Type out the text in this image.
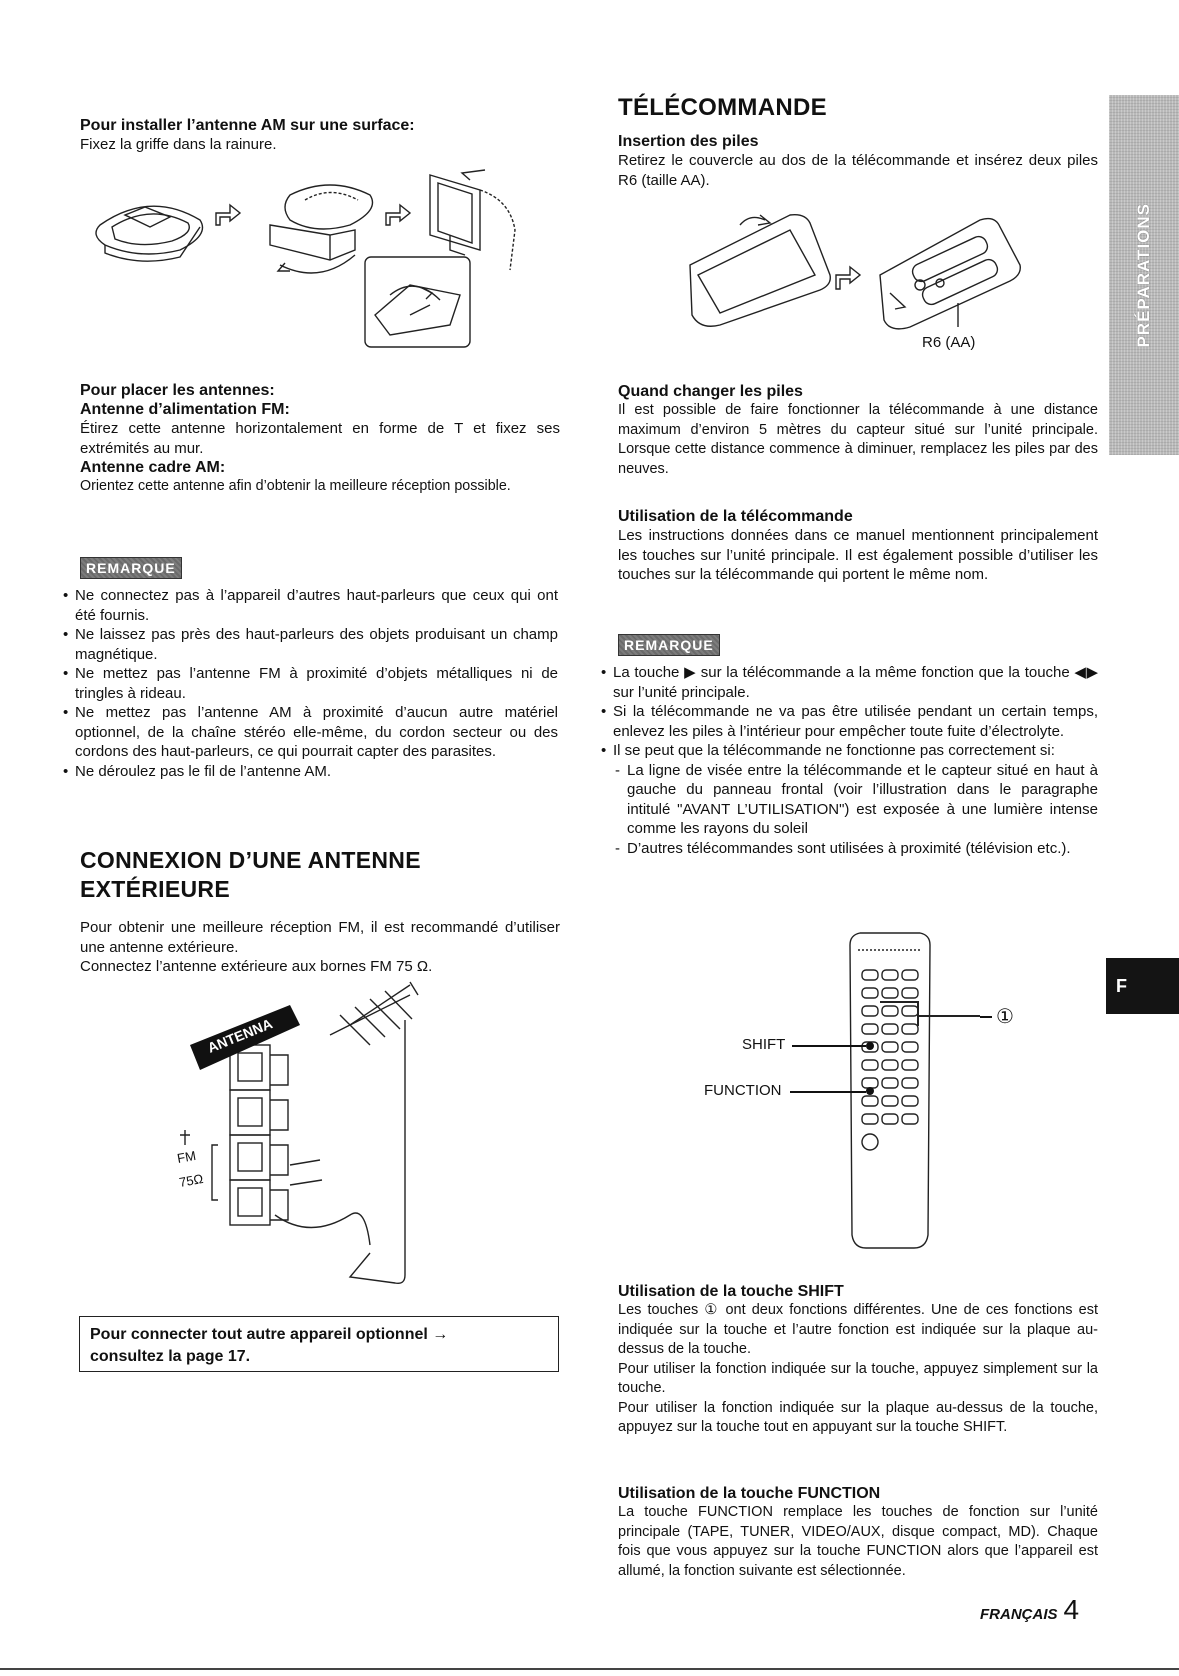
Pour installer l’antenne AM sur une surface:

Fixez la griffe dans la rainure.

Pour placer les antennes:

Antenne d’alimentation FM:

Étirez cette antenne horizontalement en forme de T et fixez ses extrémités au mur.

Antenne cadre AM:

Orientez cette antenne afin d’obtenir la meilleure réception possible.

REMARQUE
• Ne connectez pas à l’appareil d’autres haut-parleurs que ceux qui ont été fournis.
• Ne laissez pas près des haut-parleurs des objets produisant un champ magnétique.
• Ne mettez pas l’antenne FM à proximité d’objets métalliques ni de tringles à rideau.
• Ne mettez pas l’antenne AM à proximité d’aucun autre matériel optionnel, de la chaîne stéréo elle-même, du cordon secteur ou des cordons des haut-parleurs, ce qui pourrait capter des parasites.
• Ne déroulez pas le fil de l’antenne AM.

CONNEXION D’UNE ANTENNE

EXTÉRIEURE

Pour obtenir une meilleure réception FM, il est recommandé d’utiliser une antenne extérieure.

Connectez l’antenne extérieure aux bornes FM 75 Ω.

ANTENNA
FM
75Ω

Pour connecter tout autre appareil optionnel →

consultez la page 17.

TÉLÉCOMMANDE

Insertion des piles

Retirez le couvercle au dos de la télécommande et insérez deux piles R6 (taille AA).

R6 (AA)

Quand changer les piles

Il est possible de faire fonctionner la télécommande à une distance maximum d’environ 5 mètres du capteur situé sur l’unité principale. Lorsque cette distance commence à diminuer, remplacez les piles par des neuves.

Utilisation de la télécommande

Les instructions données dans ce manuel mentionnent principalement les touches sur l’unité principale. Il est également possible d’utiliser les touches sur la télécommande qui portent le même nom.

REMARQUE
• La touche ▶ sur la télécommande a la même fonction que la touche ◀▶ sur l’unité principale.
• Si la télécommande ne va pas être utilisée pendant un certain temps, enlevez les piles à l’intérieur pour empêcher toute fuite d’électrolyte.
• Il se peut que la télécommande ne fonctionne pas correctement si:
- La ligne de visée entre la télécommande et le capteur situé en haut à gauche du panneau frontal (voir l’illustration dans le paragraphe intitulé "AVANT L’UTILISATION") est exposée à une lumière intense comme les rayons du soleil
- D’autres télécommandes sont utilisées à proximité (télévision etc.).
SHIFT
FUNCTION
①

Utilisation de la touche SHIFT

Les touches ① ont deux fonctions différentes. Une de ces fonctions est indiquée sur la touche et l’autre fonction est indiquée sur la plaque au-dessus de la touche.

Pour utiliser la fonction indiquée sur la touche, appuyez simplement sur la touche.

Pour utiliser la fonction indiquée sur la plaque au-dessus de la touche, appuyez sur la touche tout en appuyant sur la touche SHIFT.

Utilisation de la touche FUNCTION

La touche FUNCTION remplace les touches de fonction sur l’unité principale (TAPE, TUNER, VIDEO/AUX, disque compact, MD). Chaque fois que vous appuyez sur la touche FUNCTION alors que l’appareil est allumé, la fonction suivante est sélectionnée.

PRÉPARATIONS
F
FRANÇAIS 4
